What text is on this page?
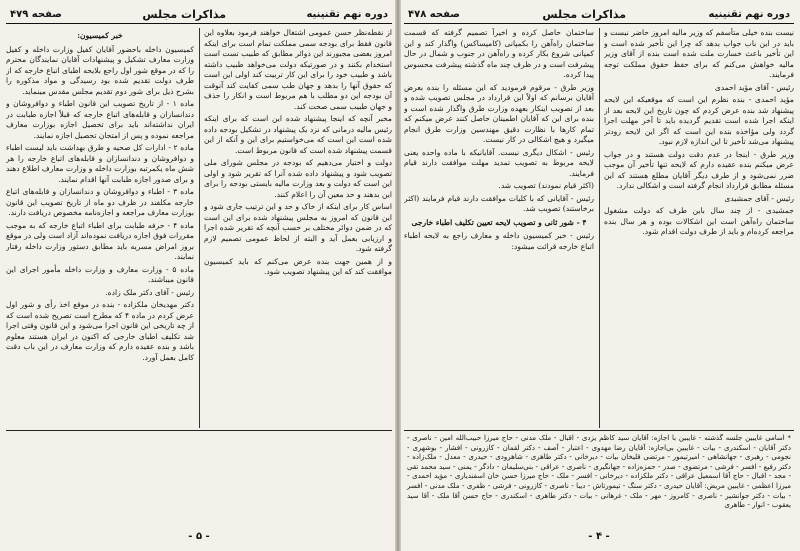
دوره نهم تقنینیه
مذاکرات مجلس
صفحه ۴۷۹

از نقطه‌نظر حسن عمومی اشتغال خواهند فرمود بعلاوه این قانون فقط برای بودجه سمی مملکت تمام است برای اینکه امروز بعضی مجبورند این دوائر مطابق که طبیب تست است استخدام بکنند و در صورتیکه دولت می‌خواهد طبیب داشته باشد و طبیب خود را برای این کار تربیت کند اولی این است که حقوق آنها را بدهد و جهان طب سمی کفایت کند آنوقت آن بودجه این دو مطلب با هم مربوط است و انکار را حذف و جهان طبیب سمی صحت کند.

مخبر آنچه که اینجا پیشنهاد شده این است که برای اینکه رئیس مالیه درمانی که نزد یک پیشنهاد در تشکیل بودجه داده شده است این است که می‌خواستیم برای این و آنکه از این قسمت پیشنهاد شده است که قانون مربوط است.

دولت و اختیار می‌دهیم که بودجه در مجلس شورای ملی تصویب شود و پیشنهاد داده شده آنرا که تقریر شود و اولی این است که دولت و بعد وزارت مالیه بایستی بودجه را برای این بدهند و حد معین آن را اعلام کنند.

اساس کار برای اینکه از خاک و حد و این ترتیب جاری شود و این قانون که امروز به مجلس پیشنهاد شده برای این است که در ضمن دوائر مختلف بر حسب آنچه که تقریر شده اجرا و ارزیابی بعمل آید و البته از لحاظ عمومی تصمیم لازم گرفته شود.

و از همین جهت بنده عرض می‌کنم که باید کمیسیون موافقت کند که این پیشنهاد تصویب شود.

خبر کمیسیون:

کمیسیون داخله باحضور آقایان کفیل وزارت داخله و کفیل وزارت معارف تشکیل و پیشنهادات آقایان نمایندگان محترم را که در موقع شور اول راجع بلایحه اطبای اتباع خارجه که از طرف دولت تقدیم شده بود رسیدگی و مواد مذکوره را بشرح ذیل برای شور دوم تقدیم مجلس مقدس مینماید.

ماده ۱ - از تاریخ تصویب این قانون اطباء و دوافروشان و دندانسازان و قابله‌های اتباع خارجه که قبلاً اجازه طبابت در ایران نداشته‌اند باید برای تحصیل اجازه بوزارت معارف مراجعه نموده و پس از امتحان تحصیل اجازه نمایند.

ماده ۲ - ادارات کل صحیه و طرق بهداشت باید لیست اطباء و دوافروشان و دندانسازان و قابله‌های اتباع خارجه را هر شش ماه یکمرتبه بوزارت داخله و وزارت معارف اطلاع دهند و برای صدور اجازه طبابت آنها اقدام نمایند.

ماده ۳ - اطباء و دوافروشان و دندانسازان و قابله‌های اتباع خارجه مکلفند در ظرف دو ماه از تاریخ تصویب این قانون بوزارت معارف مراجعه و اجازه‌نامه مخصوص دریافت دارند.

ماده ۴ - حرفه طبابت برای اطباء اتباع خارجه که به موجب مقررات فوق اجازه دریافت نموده‌اند آزاد است ولی در موقع بروز امراض مسریه باید مطابق دستور وزارت داخله رفتار نمایند.

ماده ۵ - وزارت معارف و وزارت داخله مأمور اجرای این قانون میباشند.

رئیس - آقای دکتر ملک زاده.

دکتر مهدیخان ملکزاده - بنده در موقع اخذ رأی و شور اول عرض کردم در ماده ۴ که مطرح است تصریح شده است که از چه تاریخی این قانون اجرا می‌شود و این قانون وقتی اجرا شد تکلیف اطبای خارجی که اکنون در ایران هستند معلوم باشد و بنده عقیده دارم که وزارت معارف در این باب دقت کامل بعمل آورد.

- ۵ -
دوره نهم تقنینیه
مذاکرات مجلس
صفحه ۴۷۸

نیست بنده خیلی متأسفم که وزیر مالیه امروز حاضر نیست و باید در این باب جواب بدهد که چرا این تأخیر شده است و این تأخیر باعث خسارت ملت شده است بنده از آقای وزیر مالیه خواهش می‌کنم که برای حفظ حقوق مملکت توجه فرمایند.

رئیس - آقای مؤید احمدی

مؤید احمدی - بنده نظرم این است که موقعیکه این لایحه پیشنهاد شد بنده عرض کردم که چون تاریخ این لایحه بعد از اینکه اجرا شده است تقدیم گردیده باید تا آخر مهلت اجرا گردد ولی مؤاخذه بنده این است که اگر این لایحه زودتر پیشنهاد می‌شد تأخیر تا این اندازه لازم نبود.

وزیر طرق - اینجا در عدم دقت دولت هستند و در جواب عرض میکنم بنده عقیده دارم که لایحه تنها تأخیر آن موجب ضرر نمی‌شود و از طرف دیگر آقایان مطلع هستند که این مسئله مطابق قرارداد انجام گرفته است و اشکالی ندارد.

رئیس - آقای جمشیدی

جمشیدی - از چند سال باین طرف که دولت مشغول ساختمان راه‌آهن است این اشکالات بوده و هر سال بنده مراجعه کرده‌ام و باید از طرف دولت اقدام شود.

ساختمان حاصل کرده و اخیراً تصمیم گرفته که قسمت ساختمان راه‌آهن را بکمپانی (کامپساکس) واگذار کند و این کمپانی شروع بکار کرده و راه‌آهن در جنوب و شمال در حال پیشرفت است و در ظرف چند ماه گذشته پیشرفت محسوس پیدا کرده.

وزیر طرق - مرقوم فرمودید که این مسئله را بنده بعرض آقایان برسانم که اولاً این قرارداد در مجلس تصویب شده و بعد از تصویب اینکار بعهده وزارت طرق واگذار شده است و بنده برای این که آقایان اطمینان حاصل کنند عرض میکنم که تمام کارها با نظارت دقیق مهندسین وزارت طرق انجام میگیرد و هیچ اشکالی در کار نیست.

رئیس - اشکال دیگری نیست. آقایانیکه با ماده واحده یعنی لایحه مربوط به تصویب تمدید مهلت موافقت دارند قیام فرمایند.

(اکثر قیام نمودند) تصویب شد.

رئیس - آقایانی که با کلیات موافقت دارند قیام فرمایند (اکثر برخاستند) تصویب شد.

۴ - شور ثانی و تصویب لایحه تعیین تکلیف اطباء خارجی

رئیس - خبر کمیسیون داخله و معارف راجع به لایحه اطباء اتباع خارجه قرائت میشود:

* اسامی غایبین جلسه گذشته - غایبین با اجازه: آقایان سید کاظم یزدی - اقبال - ملک مدنی - حاج میرزا حبیب‌الله امین - ناصری - دکتر آقایان - اسکندری - بیات - غایبین بی‌اجازه: آقایان رضا مهدوی - اعتبار - آصف - دکتر لقمان - کازرونی - افشار - بوشهری - نجومی - رهبری - جهانشاهی - امیرتیمور - مرتضی قلیخان بیات - دیرخانی - دکتر طاهری - شاهرودی - حیدری - معدل - ملک‌زاده - دکتر رفیع - افسر - فرشی - مرتضوی - صدر - حمزه‌زاده - جهانگیری - ناصری - عراقی - بنی‌سلیمان - دادگر - یمنی - سید محمد تقی - مجد - اقبال - حاج آقا اسمعیل عراقی - دکتر ملکزاده - دیرخانی - افسر - ملک - حاج میرزا حسن خان اسفندیاری - مؤید احمدی - میرزا اعظمی - غایبین مریض: آقایان حیدری - دکتر سنگ - تیمورتاش - دیبا - ناصری - کازرونی - فرشی - ظفری - ملک مدنی - افسر - بیات - دکتر جوانشیر - ناصری - کامروز - مهر - ملک - غرهانی - بیات - دکتر طاهری - اسکندری - حاج حسن آقا ملک - آقا سید یعقوب - انوار - طاهری
- ۴ -
